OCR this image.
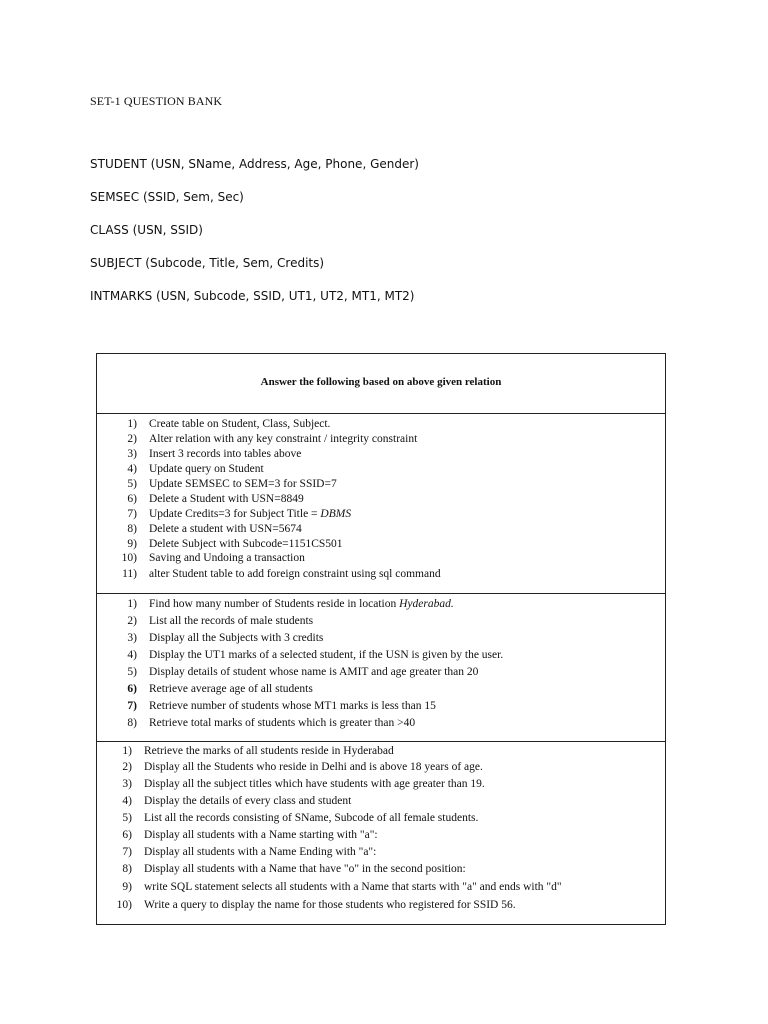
SET-1 QUESTION BANK
STUDENT (USN, SName, Address, Age, Phone, Gender)
SEMSEC (SSID, Sem, Sec)
CLASS (USN, SSID)
SUBJECT (Subcode, Title, Sem, Credits)
INTMARKS (USN, Subcode, SSID, UT1, UT2, MT1, MT2)
Answer the following based on above given relation
1) Create table on Student, Class, Subject.
2) Alter relation with any key constraint / integrity constraint
3) Insert 3 records into tables above
4) Update query on Student
5) Update SEMSEC to SEM=3 for SSID=7
6) Delete a Student with USN=8849
7) Update Credits=3 for Subject Title = DBMS
8) Delete a student with USN=5674
9) Delete Subject with Subcode=1151CS501
10) Saving and Undoing a transaction
11) alter Student table to add foreign constraint using sql command
1) Find how many number of Students reside in location Hyderabad.
2) List all the records of male students
3) Display all the Subjects with 3 credits
4) Display the UT1 marks of a selected student, if the USN is given by the user.
5) Display details of student whose name is AMIT and age greater than 20
6) Retrieve average age of all students
7) Retrieve number of students whose MT1 marks is less than 15
8) Retrieve total marks of students which is greater than >40
1) Retrieve the marks of all students reside in Hyderabad
2) Display all the Students who reside in Delhi and is above 18 years of age.
3) Display all the subject titles which have students with age greater than 19.
4) Display the details of every class and student
5) List all the records consisting of SName, Subcode of all female students.
6) Display all students with a Name starting with "a":
7) Display all students with a Name Ending with "a":
8) Display all students with a Name that have "o" in the second position:
9) write SQL statement selects all students with a Name that starts with "a" and ends with "d"
10) Write a query to display the name for those students who registered for SSID 56.
